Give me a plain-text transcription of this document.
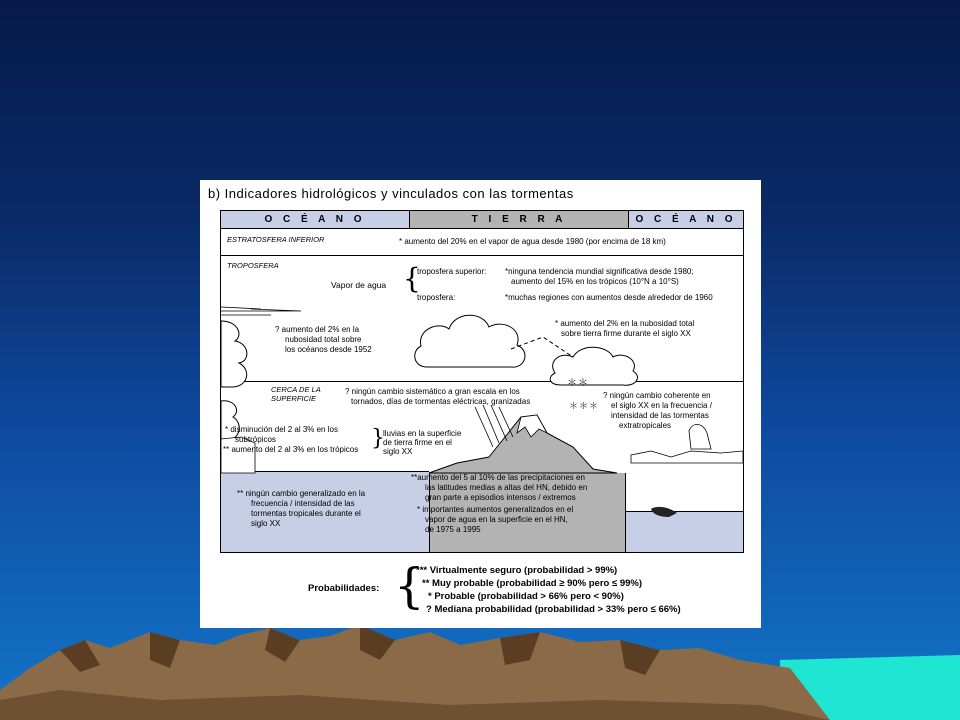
b) Indicadores hidrológicos y vinculados con las tormentas
O C É A N O	T I E R R A	O C É A N O
ESTRATOSFERA INFERIOR	* aumento del 20% en el vapor de agua desde 1980 (por encima de 18 km)
TROPOSFERA
Vapor de agua {
troposfera superior: *ninguna tendencia mundial significativa desde 1980;
aumento del 15% en los trópicos (10°N a 10°S)
troposfera:	*muchas regiones con aumentos desde alrededor de 1960
? aumento del 2% en la
nubosidad total sobre
los océanos desde 1952
* aumento del 2% en la nubosidad total
sobre tierra firme durante el siglo XX
CERCA DE LA
SUPERFICIE
? ningún cambio sistemático a gran escala en los
tornados, días de tormentas eléctricas, granizadas
＊＊
＊＊＊
? ningún cambio coherente en
el siglo XX en la frecuencia /
intensidad de las tormentas
extratropicales
* disminución del 2 al 3% en los
subtrópicos
** aumento del 2 al 3% en los trópicos }
lluvias en la superficie
de tierra firme en el
siglo XX
**aumento del 5 al 10% de las precipitaciones en
las latitudes medias a altas del HN, debido en
gran parte a episodios intensos / extremos
* importantes aumentos generalizados en el
vapor de agua en la superficie en el HN,
de 1975 a 1995
** ningún cambio generalizado en la
frecuencia / intensidad de las
tormentas tropicales durante el
siglo XX
Probabilidades: {
*** Virtualmente seguro (probabilidad > 99%)
** Muy probable (probabilidad ≥ 90% pero ≤ 99%)
* Probable (probabilidad > 66% pero < 90%)
? Mediana probabilidad (probabilidad > 33% pero ≤ 66%)
